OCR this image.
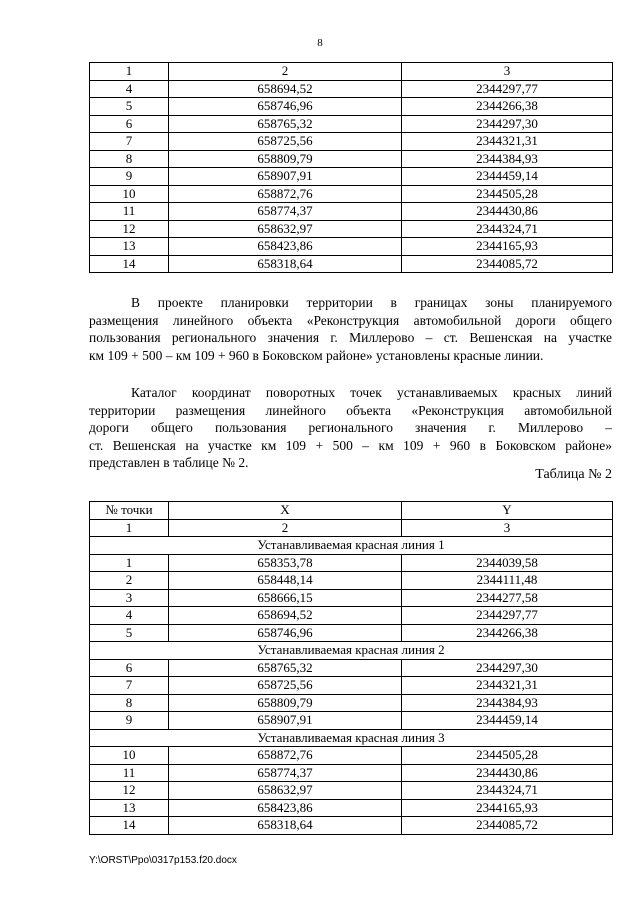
8
1	2	3
4	658694,52	2344297,77
5	658746,96	2344266,38
6	658765,32	2344297,30
7	658725,56	2344321,31
8	658809,79	2344384,93
9	658907,91	2344459,14
10	658872,76	2344505,28
11	658774,37	2344430,86
12	658632,97	2344324,71
13	658423,86	2344165,93
14	658318,64	2344085,72
В проекте планировки территории в границах зоны планируемого
размещения линейного объекта «Реконструкция автомобильной дороги общего
пользования регионального значения г. Миллерово – ст. Вешенская на участке
км 109 + 500 – км 109 + 960 в Боковском районе» установлены красные линии.
Каталог координат поворотных точек устанавливаемых красных линий
территории размещения линейного объекта «Реконструкция автомобильной
дороги общего пользования регионального значения г. Миллерово –
ст. Вешенская на участке км 109 + 500 – км 109 + 960 в Боковском районе»
представлен в таблице № 2.
Таблица № 2
№ точки	X	Y
1	2	3
Устанавливаемая красная линия 1		
1	658353,78	2344039,58
2	658448,14	2344111,48
3	658666,15	2344277,58
4	658694,52	2344297,77
5	658746,96	2344266,38
Устанавливаемая красная линия 2		
6	658765,32	2344297,30
7	658725,56	2344321,31
8	658809,79	2344384,93
9	658907,91	2344459,14
Устанавливаемая красная линия 3		
10	658872,76	2344505,28
11	658774,37	2344430,86
12	658632,97	2344324,71
13	658423,86	2344165,93
14	658318,64	2344085,72
Y:\ORST\Ppo\0317p153.f20.docx
